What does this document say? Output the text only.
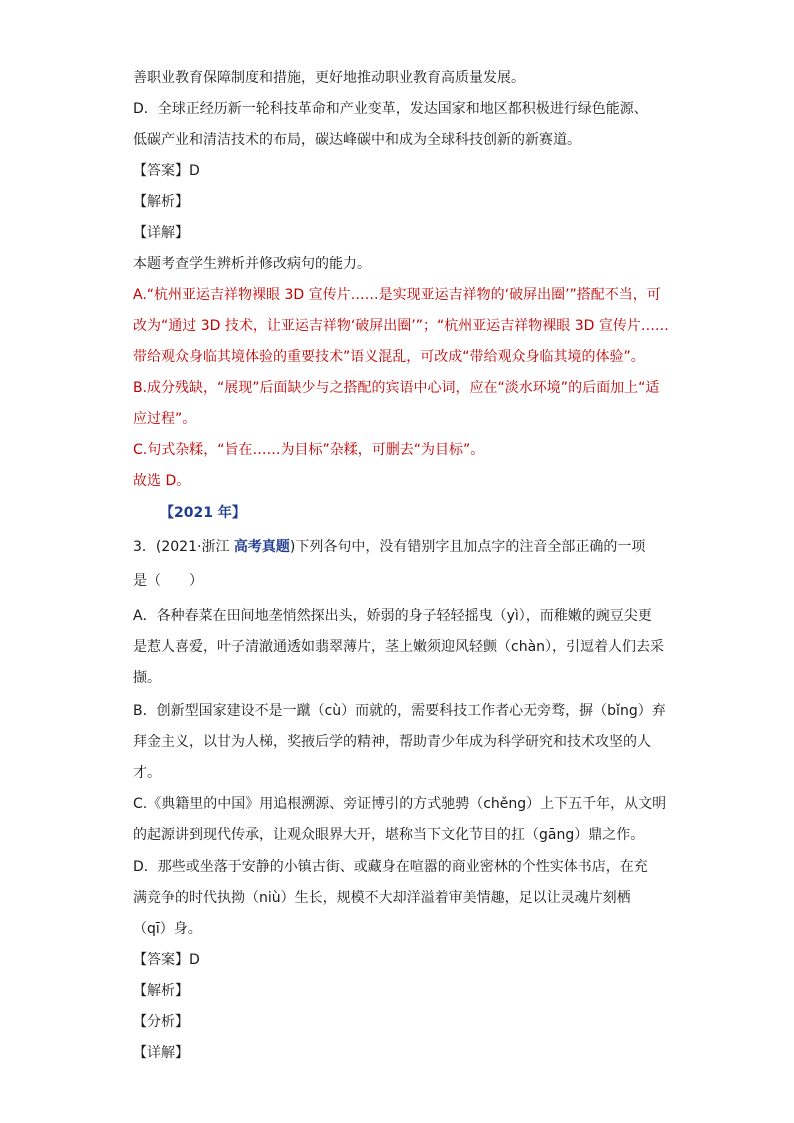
善职业教育保障制度和措施，更好地推动职业教育高质量发展。
D．全球正经历新一轮科技革命和产业变革，发达国家和地区都积极进行绿色能源、
低碳产业和清洁技术的布局，碳达峰碳中和成为全球科技创新的新赛道。
【答案】D
【解析】
【详解】
本题考查学生辨析并修改病句的能力。
A.“杭州亚运吉祥物裸眼 3D 宣传片……是实现亚运吉祥物的‘破屏出圈’”搭配不当，可
改为“通过 3D 技术，让亚运吉祥物‘破屏出圈’”；“杭州亚运吉祥物裸眼 3D 宣传片……
带给观众身临其境体验的重要技术”语义混乱，可改成“带给观众身临其境的体验”。
B.成分残缺，“展现”后面缺少与之搭配的宾语中心词，应在“淡水环境”的后面加上“适
应过程”。
C.句式杂糅，“旨在……为目标”杂糅，可删去“为目标”。
故选 D。
【2021 年】
3．(2021·浙江 高考真题)下列各句中，没有错别字且加点字的注音全部正确的一项
是（　　）
A．各种春菜在田间地垄悄然探出头，娇弱的身子轻轻摇曳（yì），而稚嫩的豌豆尖更
是惹人喜爱，叶子清澈通透如翡翠薄片，茎上嫩须迎风轻颤（chàn），引逗着人们去采
撷。
B．创新型国家建设不是一蹴（cù）而就的，需要科技工作者心无旁骛，摒（bǐng）弃
拜金主义，以甘为人梯，奖掖后学的精神，帮助青少年成为科学研究和技术攻坚的人
才。
C.《典籍里的中国》用追根溯源、旁证博引的方式驰骋（chěng）上下五千年，从文明
的起源讲到现代传承，让观众眼界大开，堪称当下文化节目的扛（gāng）鼎之作。
D．那些或坐落于安静的小镇古街、或藏身在喧嚣的商业密林的个性实体书店，在充
满竞争的时代执拗（niù）生长，规模不大却洋溢着审美情趣，足以让灵魂片刻栖
（qī）身。
【答案】D
【解析】
【分析】
【详解】
